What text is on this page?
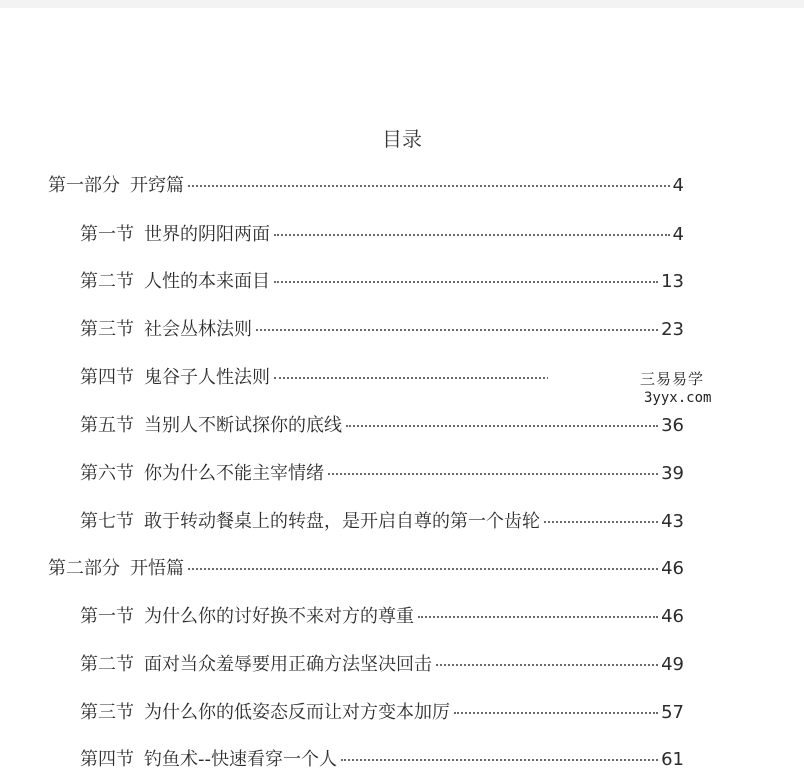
目录
第一部分 开窍篇	4
第一节 世界的阴阳两面	4
第二节 人性的本来面目	13
第三节 社会丛林法则	23
第四节 鬼谷子人性法则
第五节 当别人不断试探你的底线	36
第六节 你为什么不能主宰情绪	39
第七节 敢于转动餐桌上的转盘，是开启自尊的第一个齿轮	43
第二部分 开悟篇	46
第一节 为什么你的讨好换不来对方的尊重	46
第二节 面对当众羞辱要用正确方法坚决回击	49
第三节 为什么你的低姿态反而让对方变本加厉	57
第四节 钓鱼术--快速看穿一个人	61
三易易学
3yyx.com
